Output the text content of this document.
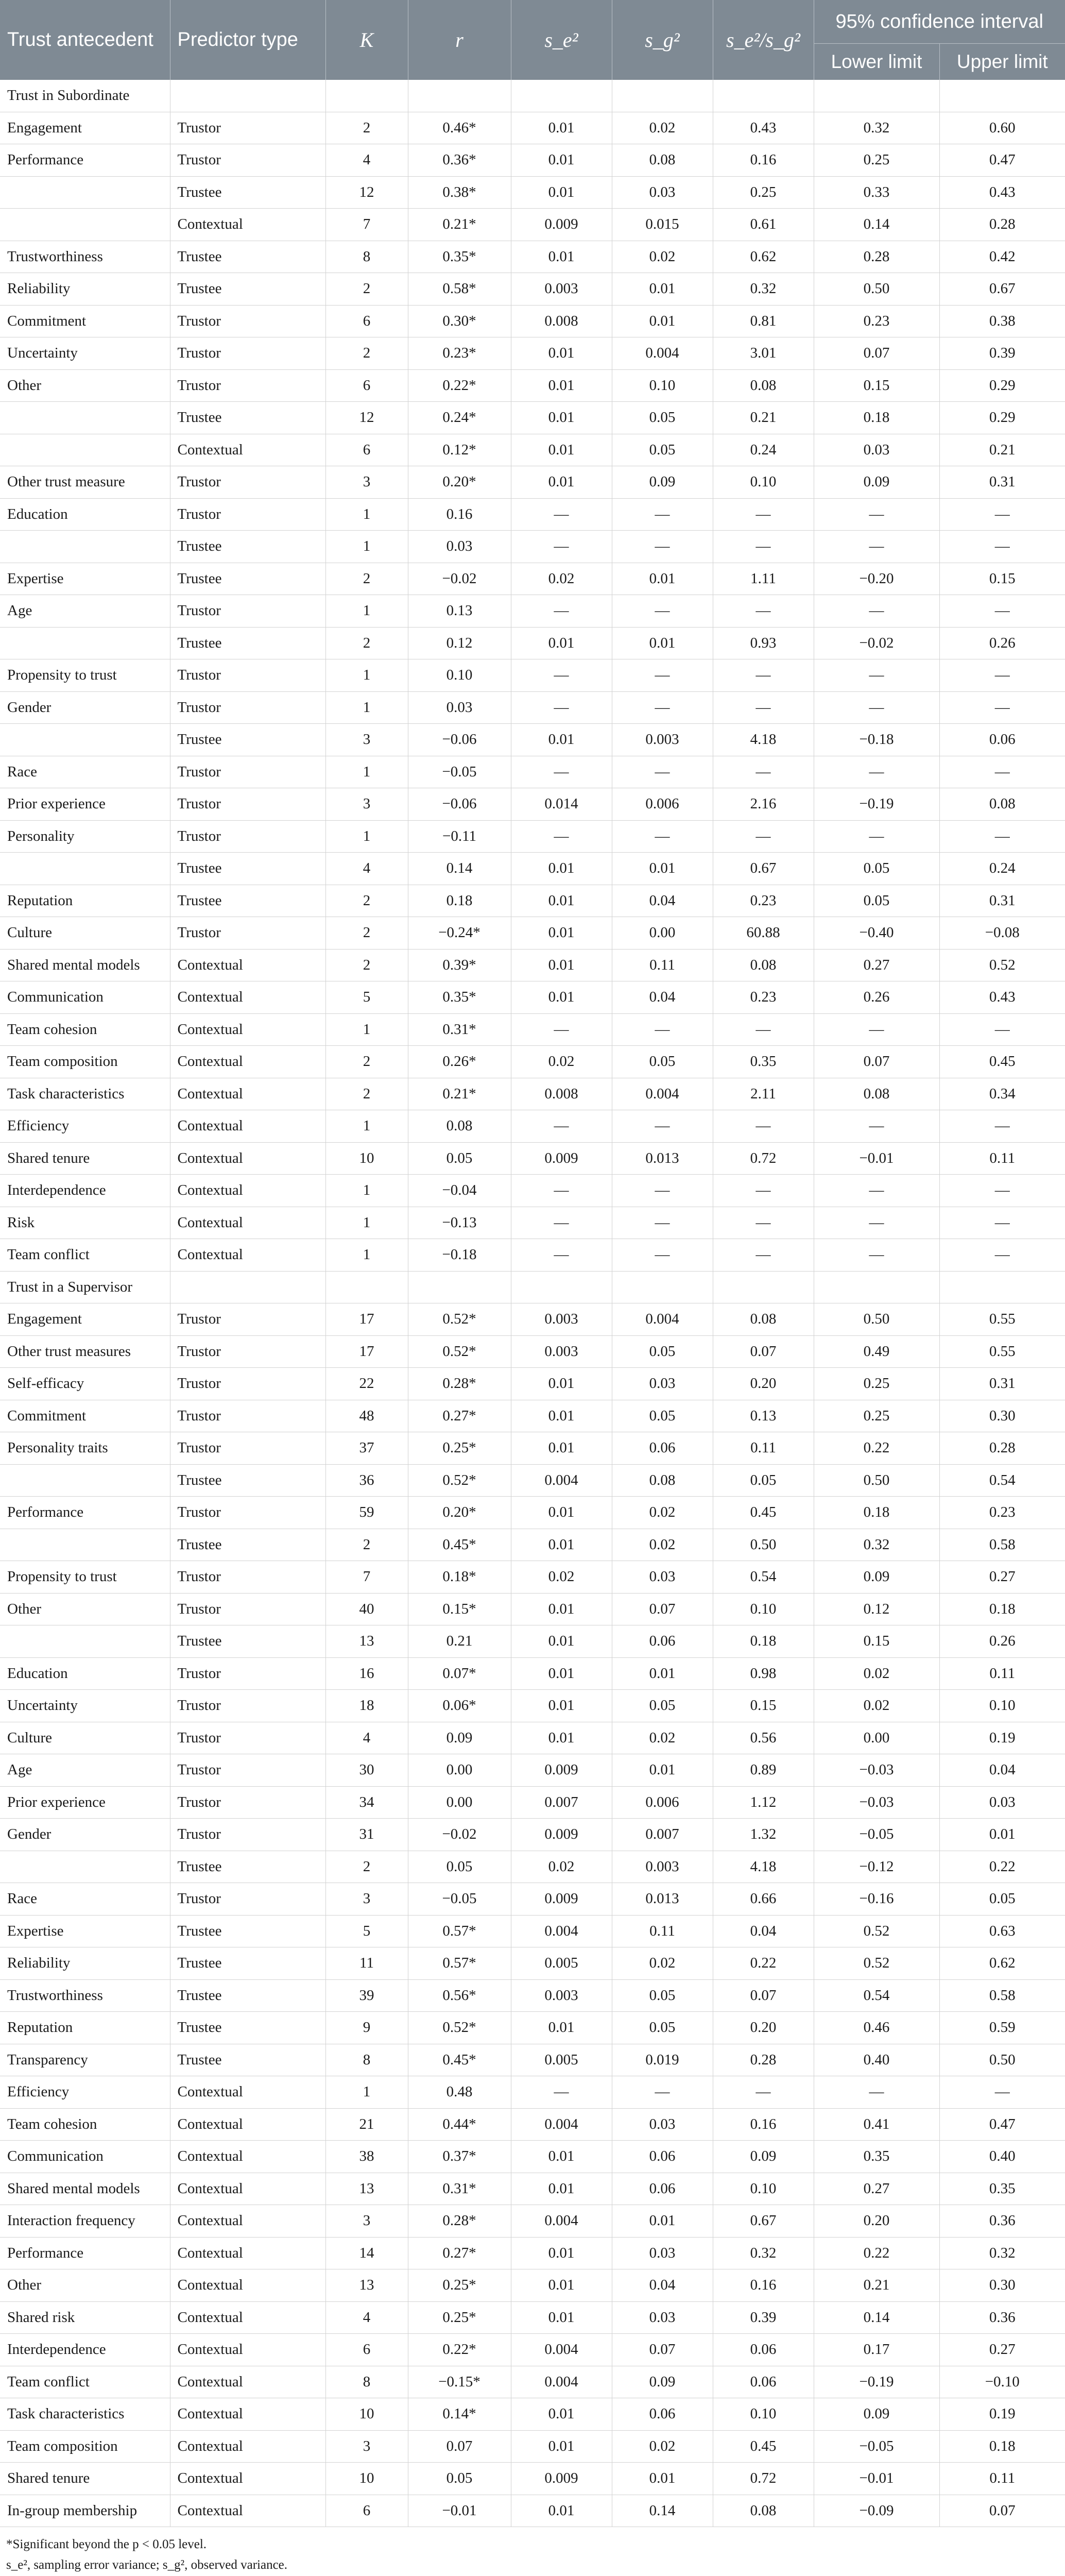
Trust antecedent	Predictor type	K	r	s_e²	s_g²	s_e²/s_g²	95% confidence interval	
							Lower limit	Upper limit
Trust in Subordinate								
Engagement	Trustor	2	0.46*	0.01	0.02	0.43	0.32	0.60
Performance	Trustor	4	0.36*	0.01	0.08	0.16	0.25	0.47
	Trustee	12	0.38*	0.01	0.03	0.25	0.33	0.43
	Contextual	7	0.21*	0.009	0.015	0.61	0.14	0.28
Trustworthiness	Trustee	8	0.35*	0.01	0.02	0.62	0.28	0.42
Reliability	Trustee	2	0.58*	0.003	0.01	0.32	0.50	0.67
Commitment	Trustor	6	0.30*	0.008	0.01	0.81	0.23	0.38
Uncertainty	Trustor	2	0.23*	0.01	0.004	3.01	0.07	0.39
Other	Trustor	6	0.22*	0.01	0.10	0.08	0.15	0.29
	Trustee	12	0.24*	0.01	0.05	0.21	0.18	0.29
	Contextual	6	0.12*	0.01	0.05	0.24	0.03	0.21
Other trust measure	Trustor	3	0.20*	0.01	0.09	0.10	0.09	0.31
Education	Trustor	1	0.16	—	—	—	—	—
	Trustee	1	0.03	—	—	—	—	—
Expertise	Trustee	2	−0.02	0.02	0.01	1.11	−0.20	0.15
Age	Trustor	1	0.13	—	—	—	—	—
	Trustee	2	0.12	0.01	0.01	0.93	−0.02	0.26
Propensity to trust	Trustor	1	0.10	—	—	—	—	—
Gender	Trustor	1	0.03	—	—	—	—	—
	Trustee	3	−0.06	0.01	0.003	4.18	−0.18	0.06
Race	Trustor	1	−0.05	—	—	—	—	—
Prior experience	Trustor	3	−0.06	0.014	0.006	2.16	−0.19	0.08
Personality	Trustor	1	−0.11	—	—	—	—	—
	Trustee	4	0.14	0.01	0.01	0.67	0.05	0.24
Reputation	Trustee	2	0.18	0.01	0.04	0.23	0.05	0.31
Culture	Trustor	2	−0.24*	0.01	0.00	60.88	−0.40	−0.08
Shared mental models	Contextual	2	0.39*	0.01	0.11	0.08	0.27	0.52
Communication	Contextual	5	0.35*	0.01	0.04	0.23	0.26	0.43
Team cohesion	Contextual	1	0.31*	—	—	—	—	—
Team composition	Contextual	2	0.26*	0.02	0.05	0.35	0.07	0.45
Task characteristics	Contextual	2	0.21*	0.008	0.004	2.11	0.08	0.34
Efficiency	Contextual	1	0.08	—	—	—	—	—
Shared tenure	Contextual	10	0.05	0.009	0.013	0.72	−0.01	0.11
Interdependence	Contextual	1	−0.04	—	—	—	—	—
Risk	Contextual	1	−0.13	—	—	—	—	—
Team conflict	Contextual	1	−0.18	—	—	—	—	—
Trust in a Supervisor								
Engagement	Trustor	17	0.52*	0.003	0.004	0.08	0.50	0.55
Other trust measures	Trustor	17	0.52*	0.003	0.05	0.07	0.49	0.55
Self-efficacy	Trustor	22	0.28*	0.01	0.03	0.20	0.25	0.31
Commitment	Trustor	48	0.27*	0.01	0.05	0.13	0.25	0.30
Personality traits	Trustor	37	0.25*	0.01	0.06	0.11	0.22	0.28
	Trustee	36	0.52*	0.004	0.08	0.05	0.50	0.54
Performance	Trustor	59	0.20*	0.01	0.02	0.45	0.18	0.23
	Trustee	2	0.45*	0.01	0.02	0.50	0.32	0.58
Propensity to trust	Trustor	7	0.18*	0.02	0.03	0.54	0.09	0.27
Other	Trustor	40	0.15*	0.01	0.07	0.10	0.12	0.18
	Trustee	13	0.21	0.01	0.06	0.18	0.15	0.26
Education	Trustor	16	0.07*	0.01	0.01	0.98	0.02	0.11
Uncertainty	Trustor	18	0.06*	0.01	0.05	0.15	0.02	0.10
Culture	Trustor	4	0.09	0.01	0.02	0.56	0.00	0.19
Age	Trustor	30	0.00	0.009	0.01	0.89	−0.03	0.04
Prior experience	Trustor	34	0.00	0.007	0.006	1.12	−0.03	0.03
Gender	Trustor	31	−0.02	0.009	0.007	1.32	−0.05	0.01
	Trustee	2	0.05	0.02	0.003	4.18	−0.12	0.22
Race	Trustor	3	−0.05	0.009	0.013	0.66	−0.16	0.05
Expertise	Trustee	5	0.57*	0.004	0.11	0.04	0.52	0.63
Reliability	Trustee	11	0.57*	0.005	0.02	0.22	0.52	0.62
Trustworthiness	Trustee	39	0.56*	0.003	0.05	0.07	0.54	0.58
Reputation	Trustee	9	0.52*	0.01	0.05	0.20	0.46	0.59
Transparency	Trustee	8	0.45*	0.005	0.019	0.28	0.40	0.50
Efficiency	Contextual	1	0.48	—	—	—	—	—
Team cohesion	Contextual	21	0.44*	0.004	0.03	0.16	0.41	0.47
Communication	Contextual	38	0.37*	0.01	0.06	0.09	0.35	0.40
Shared mental models	Contextual	13	0.31*	0.01	0.06	0.10	0.27	0.35
Interaction frequency	Contextual	3	0.28*	0.004	0.01	0.67	0.20	0.36
Performance	Contextual	14	0.27*	0.01	0.03	0.32	0.22	0.32
Other	Contextual	13	0.25*	0.01	0.04	0.16	0.21	0.30
Shared risk	Contextual	4	0.25*	0.01	0.03	0.39	0.14	0.36
Interdependence	Contextual	6	0.22*	0.004	0.07	0.06	0.17	0.27
Team conflict	Contextual	8	−0.15*	0.004	0.09	0.06	−0.19	−0.10
Task characteristics	Contextual	10	0.14*	0.01	0.06	0.10	0.09	0.19
Team composition	Contextual	3	0.07	0.01	0.02	0.45	−0.05	0.18
Shared tenure	Contextual	10	0.05	0.009	0.01	0.72	−0.01	0.11
In-group membership	Contextual	6	−0.01	0.01	0.14	0.08	−0.09	0.07
*Significant beyond the p < 0.05 level.
s_e², sampling error variance; s_g², observed variance.
